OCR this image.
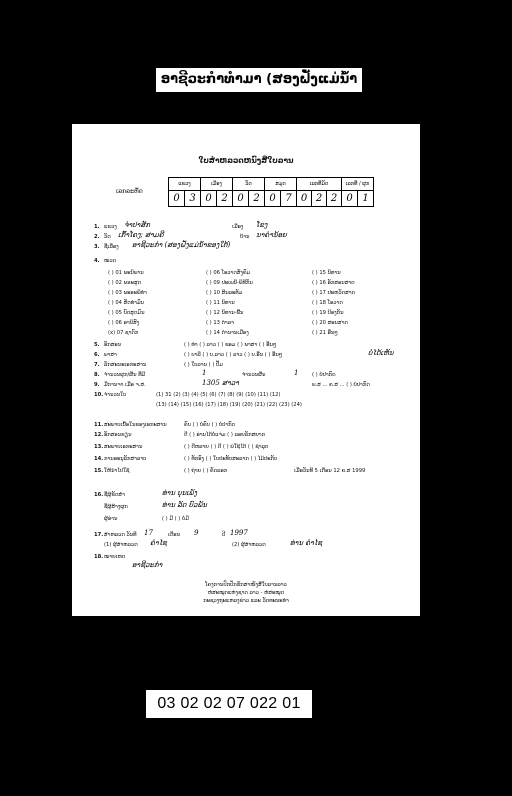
ອາຊີວະກໍາທໍາມາ (ສອງຝັ່ງແມ່ນ້ໍາຂອງໃຕ້)
ໃບສໍາຫລວດຫນົງສືໃບລານ
ເລກລະຫັດ
ແຂວງ		ເມືອງ		ວັດ		ສມຸດ		ເລກທີ່ມັດ			ເລກທີ່ / ຜູກ	
0	3	0	2	0	2	0	7	0	2	2	0	1
1. ແຂວງ ຈໍາປາສັກ	ເມືອງ ໂຂງ
2. ວັດ ເກົ້າໂຄງ; ສາມຄີ	ບ້ານ ນາຄໍານ້ອຍ
3. ຊື່ເລື່ອງ ອາຊີວະກໍາ (ສອງຝັ່ງແມ່ນ້ໍາຂອງໃຕ້)
4. ໝວດ
( ) 01 ພະນິພານ	( ) 06 ໂອວາດສັງຄົມ	( ) 15 ນິທານ
( ) 02 ພຣະສູດ	( ) 09 ປະເພນີ-ພິທີກັນ	( ) 16 ອັກສອນສາດ
( ) 03 ພະອະພິທໍາ	( ) 10 ສິນລະທັມ	( ) 17 ປະຫວັດສາດ
( ) 04 ສັດທໍາມົນ	( ) 11 ນິທານ	( ) 18 ໂອວາດ
( ) 05 ບົດສູດມົນ	( ) 12 ນິທານ-ພື້ນ	( ) 19 ປ້ອງກັນ
( ) 06 ອານິສົງ	( ) 13 ຕໍາລາ	( ) 20 ສອນສາດ
(x) 07 ຊາດົກ	( ) 14 ຕໍານານເມືອງ	( ) 21 ອື່ນໆ
5. ອັກສອນ	( ) ທໍາ ( ) ລາວ ( ) ຂອມ ( ) ພາສາ ( ) ອື່ນໆ
6. ພາສາ	( ) ບາລີ ( ) ບ.ລາວ ( ) ລາວ ( ) ບ.ອື່ນ ( ) ອື່ນໆ	ບໍ່ໄດ້ເຫັນ
7. ລັກສະນະເອກະສານ	( ) ໃບລານ ( ) ປັ້ມ
8. ຈໍານວນຜູກ/ຜືນ ທີ່ມີ	1	ຈໍານວນຜືນ	1	( ) ບໍ່ປາກົດ
9. ມືການຈາ ເມື່ອ ຈ.ສ.	1305 ສາວາ	ພ.ສ ... ຄ.ສ ... ( ) ບໍ່ປາກົດ
10. ຈໍານວນໃບ	(1) 31 (2) (3) (4) (5) (6) (7) (8) (9) (10) (11) (12)
(13) (14) (15) (16) (17) (18) (19) (20) (21) (22) (23) (24)
11. ສະພາບເນື້ອໃນຂອງເອກະສານ	ຄົບ ( ) ບໍ່ຄົບ ( ) ບໍ່ປາກົດ
12. ອັກສອນຂຽນ	ດີ ( ) ອ່ານໄດ້ບໍ່ແຈ່ມ ( ) ລອຍລັກສຍາກ
13. ສະພາບເອກະສານ	( ) ດີຫລາຍ ( ) ດີ ( ) ພໍໃຊ້ໄດ້ ( ) ຊໍາລຸດ
14. ການອະນຸລັກສາລາບ	( ) ທັກອົງ ( ) ໃບປະທັບສະລາກ ( ) ໄມ້ປະກັບ
15. ໃຫ້ນໍາໄປໃຊ້	( ) ຖ່າຍ ( ) ຄັດລອກ	ເມື່ອວັນທີ 5 ເດືອນ 12 ຄ.ສ 1999
16. ຊື່ຜູ້ຂັດສຳ	ທ່ານ ບຸນເພັງ
ຊື່ຜູ້ສ້າງຜູກ	ທ່ານ ລັດ ບົວພັນ
ຜູ້ອ່ານ	( ) ມີ ( ) ບໍ່ມີ
17. ສໍາຫລວດ ວັນທີ 17	ເດືອນ 9	ປີ 1997
(1) ຜູ້ສໍາຫລວດ ຄໍາໄຊ	(2) ຜູ້ສໍາຫລວດ	ທ່ານ ຄໍາໄຊ
18. ໝາຍເຫດ
ອາຊີວະກໍາ
ໂຄງການປົກປັກຮັກສາໜັງສືໃບລານລາວ
ຫໍສະໝຸດແຫ່ງຊາດ ລາວ - ຫໍສະໝຸດ
ກະຊວງຖະແຫລງຂ່າວ ແລະ ວັດທະນະທໍາ
03 02 02 07 022 01
